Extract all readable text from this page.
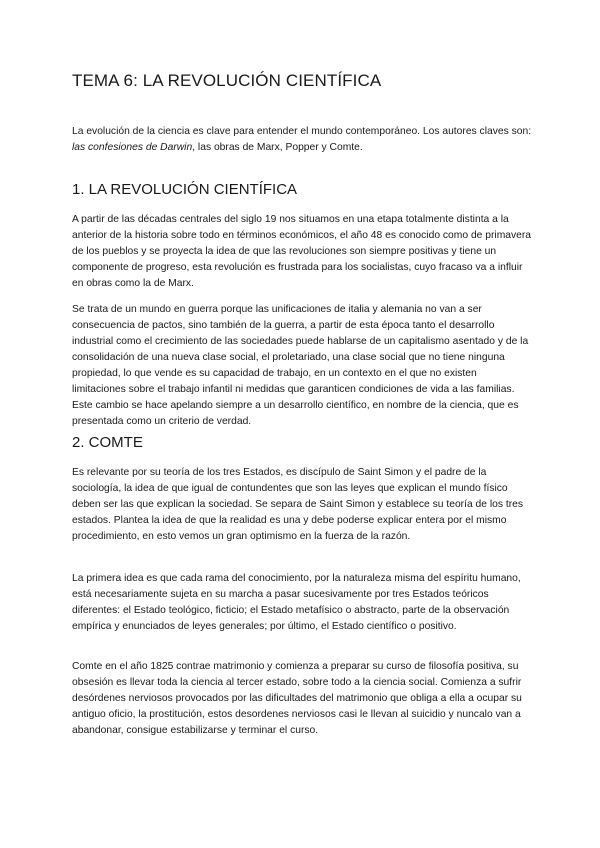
TEMA 6: LA REVOLUCIÓN CIENTÍFICA

La evolución de la ciencia es clave para entender el mundo contemporáneo. Los autores claves son: las confesiones de Darwin, las obras de Marx, Popper y Comte.

1. LA REVOLUCIÓN CIENTÍFICA

A partir de las décadas centrales del siglo 19 nos situamos en una etapa totalmente distinta a la anterior de la historia sobre todo en términos económicos, el año 48 es conocido como de primavera de los pueblos y se proyecta la idea de que las revoluciones son siempre positivas y tiene un componente de progreso, esta revolución es frustrada para los socialistas, cuyo fracaso va a influir en obras como la de Marx.

Se trata de un mundo en guerra porque las unificaciones de italia y alemania no van a ser consecuencia de pactos, sino también de la guerra, a partir de esta época tanto el desarrollo industrial como el crecimiento de las sociedades puede hablarse de un capitalismo asentado y de la consolidación de una nueva clase social, el proletariado, una clase social que no tiene ninguna propiedad, lo que vende es su capacidad de trabajo, en un contexto en el que no existen limitaciones sobre el trabajo infantil ni medidas que garanticen condiciones de vida a las familias. Este cambio se hace apelando siempre a un desarrollo científico, en nombre de la ciencia, que es presentada como un criterio de verdad.

2. COMTE

Es relevante por su teoría de los tres Estados, es discípulo de Saint Simon y el padre de la sociología, la idea de que igual de contundentes que son las leyes que explican el mundo físico deben ser las que explican la sociedad. Se separa de Saint Simon y establece su teoría de los tres estados. Plantea la idea de que la realidad es una y debe poderse explicar entera por el mismo procedimiento, en esto vemos un gran optimismo en la fuerza de la razón.

La primera idea es que cada rama del conocimiento, por la naturaleza misma del espíritu humano, está necesariamente sujeta en su marcha a pasar sucesivamente por tres Estados teóricos diferentes: el Estado teológico, ficticio; el Estado metafísico o abstracto, parte de la observación empírica y enunciados de leyes generales; por último, el Estado científico o positivo.

Comte en el año 1825 contrae matrimonio y comienza a preparar su curso de filosofía positiva, su obsesión es llevar toda la ciencia al tercer estado, sobre todo a la ciencia social. Comienza a sufrir desórdenes nerviosos provocados por las dificultades del matrimonio que obliga a ella a ocupar su antiguo oficio, la prostitución, estos desordenes nerviosos casi le llevan al suicidio y nuncalo van a abandonar, consigue estabilizarse y terminar el curso.
